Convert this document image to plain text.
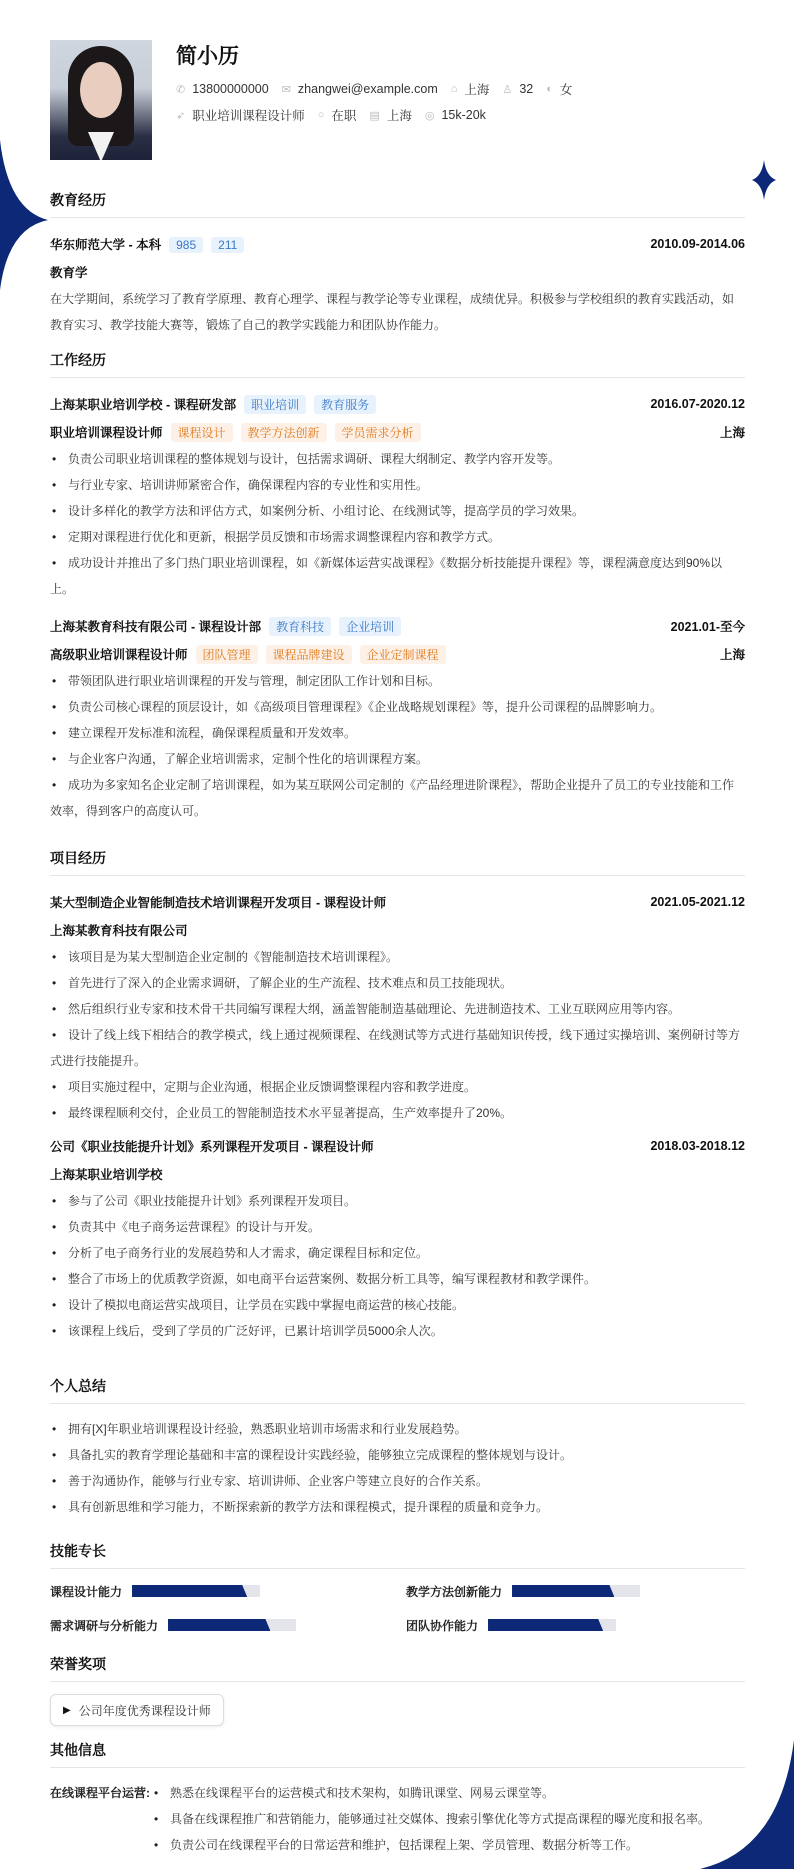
简小历
✆ 13800000000 ✉ zhangwei@example.com ⌂ 上海 ♙ 32 ◐ 女
➶ 职业培训课程设计师 ○ 在职 ▤ 上海 ◎ 15k-20k
教育经历
华东师范大学 - 本科 985 211	2010.09-2014.06
教育学

在大学期间，系统学习了教育学原理、教育心理学、课程与教学论等专业课程，成绩优异。积极参与学校组织的教育实践活动，如教育实习、教学技能大赛等，锻炼了自己的教学实践能力和团队协作能力。

工作经历
上海某职业培训学校 - 课程研发部 职业培训 教育服务	2016.07-2020.12
职业培训课程设计师 课程设计 教学方法创新 学员需求分析	上海
• 负责公司职业培训课程的整体规划与设计，包括需求调研、课程大纲制定、教学内容开发等。
• 与行业专家、培训讲师紧密合作，确保课程内容的专业性和实用性。
• 设计多样化的教学方法和评估方式，如案例分析、小组讨论、在线测试等，提高学员的学习效果。
• 定期对课程进行优化和更新，根据学员反馈和市场需求调整课程内容和教学方式。
• 成功设计并推出了多门热门职业培训课程，如《新媒体运营实战课程》《数据分析技能提升课程》等，课程满意度达到90%以上。
上海某教育科技有限公司 - 课程设计部 教育科技 企业培训	2021.01-至今
高级职业培训课程设计师 团队管理 课程品牌建设 企业定制课程	上海
• 带领团队进行职业培训课程的开发与管理，制定团队工作计划和目标。
• 负责公司核心课程的顶层设计，如《高级项目管理课程》《企业战略规划课程》等，提升公司课程的品牌影响力。
• 建立课程开发标准和流程，确保课程质量和开发效率。
• 与企业客户沟通，了解企业培训需求，定制个性化的培训课程方案。
• 成功为多家知名企业定制了培训课程，如为某互联网公司定制的《产品经理进阶课程》，帮助企业提升了员工的专业技能和工作效率，得到客户的高度认可。
项目经历
某大型制造企业智能制造技术培训课程开发项目 - 课程设计师	2021.05-2021.12
上海某教育科技有限公司
• 该项目是为某大型制造企业定制的《智能制造技术培训课程》。
• 首先进行了深入的企业需求调研，了解企业的生产流程、技术难点和员工技能现状。
• 然后组织行业专家和技术骨干共同编写课程大纲，涵盖智能制造基础理论、先进制造技术、工业互联网应用等内容。
• 设计了线上线下相结合的教学模式，线上通过视频课程、在线测试等方式进行基础知识传授，线下通过实操培训、案例研讨等方式进行技能提升。
• 项目实施过程中，定期与企业沟通，根据企业反馈调整课程内容和教学进度。
• 最终课程顺利交付，企业员工的智能制造技术水平显著提高，生产效率提升了20%。
公司《职业技能提升计划》系列课程开发项目 - 课程设计师	2018.03-2018.12
上海某职业培训学校
• 参与了公司《职业技能提升计划》系列课程开发项目。
• 负责其中《电子商务运营课程》的设计与开发。
• 分析了电子商务行业的发展趋势和人才需求，确定课程目标和定位。
• 整合了市场上的优质教学资源，如电商平台运营案例、数据分析工具等，编写课程教材和教学课件。
• 设计了模拟电商运营实战项目，让学员在实践中掌握电商运营的核心技能。
• 该课程上线后，受到了学员的广泛好评，已累计培训学员5000余人次。
个人总结
• 拥有[X]年职业培训课程设计经验，熟悉职业培训市场需求和行业发展趋势。
• 具备扎实的教育学理论基础和丰富的课程设计实践经验，能够独立完成课程的整体规划与设计。
• 善于沟通协作，能够与行业专家、培训讲师、企业客户等建立良好的合作关系。
• 具有创新思维和学习能力，不断探索新的教学方法和课程模式，提升课程的质量和竞争力。
技能专长
课程设计能力	教学方法创新能力
需求调研与分析能力	团队协作能力
荣誉奖项
▶ 公司年度优秀课程设计师
其他信息
在线课程平台运营:	• 熟悉在线课程平台的运营模式和技术架构，如腾讯课堂、网易云课堂等。
• 具备在线课程推广和营销能力，能够通过社交媒体、搜索引擎优化等方式提高课程的曝光度和报名率。
• 负责公司在线课程平台的日常运营和维护，包括课程上架、学员管理、数据分析等工作。
